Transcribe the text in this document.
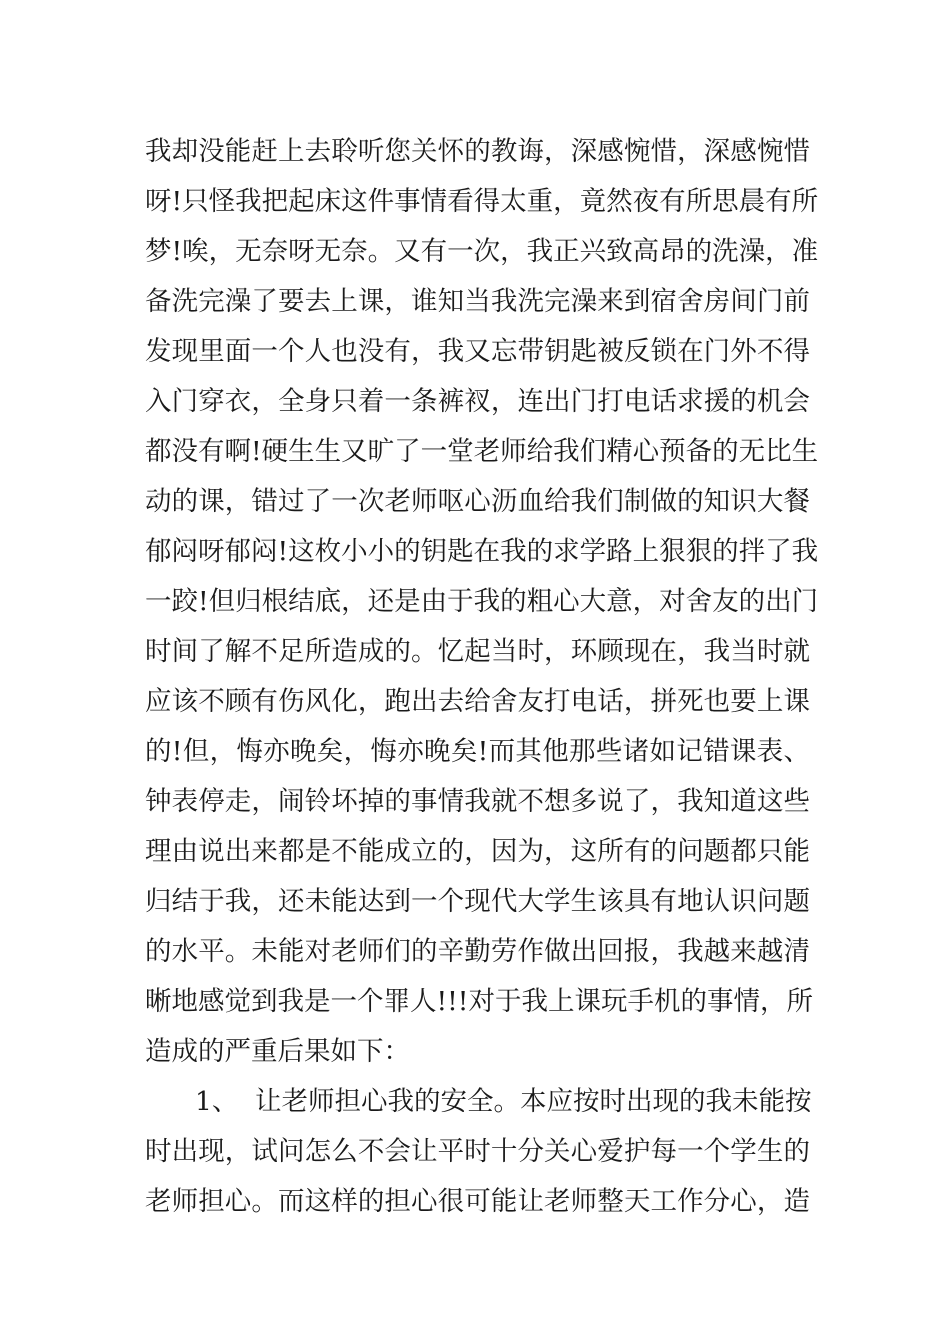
我却没能赶上去聆听您关怀的教诲，深感惋惜，深感惋惜
呀!只怪我把起床这件事情看得太重，竟然夜有所思晨有所
梦!唉，无奈呀无奈。又有一次，我正兴致高昂的洗澡，准
备洗完澡了要去上课，谁知当我洗完澡来到宿舍房间门前
发现里面一个人也没有，我又忘带钥匙被反锁在门外不得
入门穿衣，全身只着一条裤衩，连出门打电话求援的机会
都没有啊!硬生生又旷了一堂老师给我们精心预备的无比生
动的课，错过了一次老师呕心沥血给我们制做的知识大餐
郁闷呀郁闷!这枚小小的钥匙在我的求学路上狠狠的拌了我
一跤!但归根结底，还是由于我的粗心大意，对舍友的出门
时间了解不足所造成的。忆起当时，环顾现在，我当时就
应该不顾有伤风化，跑出去给舍友打电话，拼死也要上课
的!但，悔亦晚矣，悔亦晚矣!而其他那些诸如记错课表、
钟表停走，闹铃坏掉的事情我就不想多说了，我知道这些
理由说出来都是不能成立的，因为，这所有的问题都只能
归结于我，还未能达到一个现代大学生该具有地认识问题
的水平。未能对老师们的辛勤劳作做出回报，我越来越清
晰地感觉到我是一个罪人!!!对于我上课玩手机的事情，所
造成的严重后果如下：
1、 让老师担心我的安全。本应按时出现的我未能按
时出现，试问怎么不会让平时十分关心爱护每一个学生的
老师担心。而这样的担心很可能让老师整天工作分心，造
